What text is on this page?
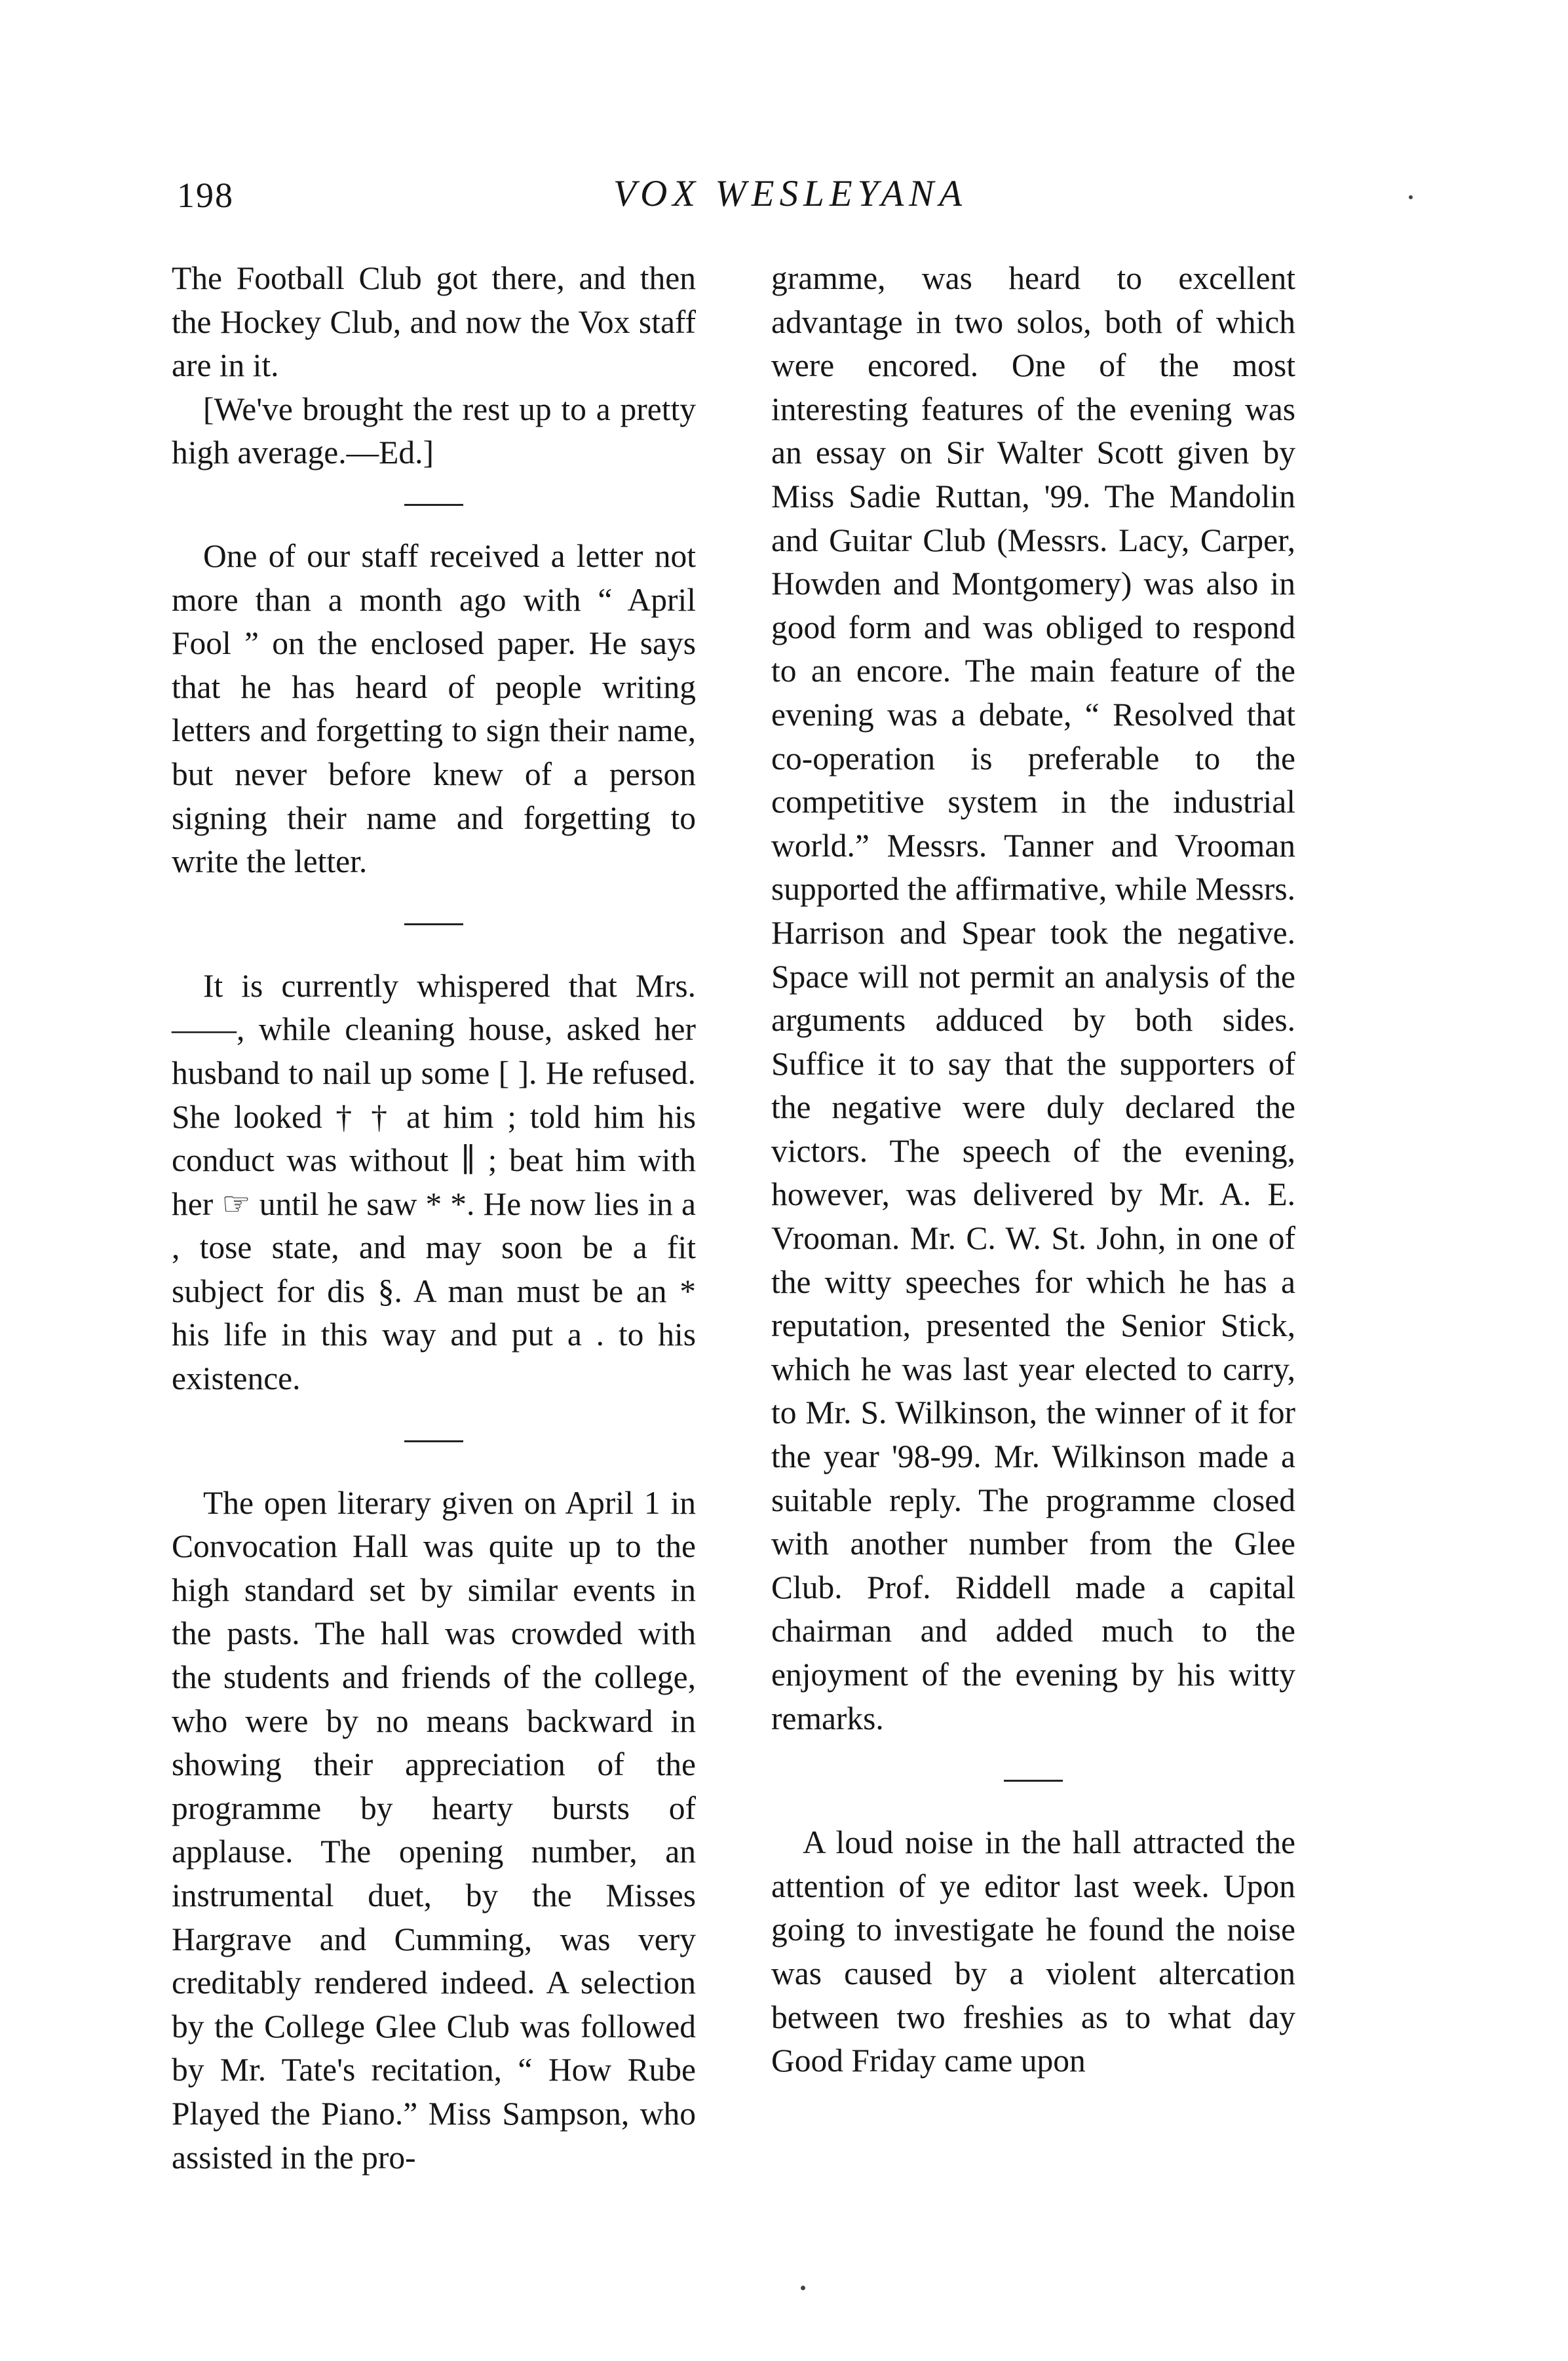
198	VOX WESLEYANA

The Football Club got there, and then the Hockey Club, and now the Vox staff are in it.

[We've brought the rest up to a pretty high average.—Ed.]

One of our staff received a letter not more than a month ago with “ April Fool ” on the enclosed paper. He says that he has heard of people writing letters and forgetting to sign their name, but never before knew of a person signing their name and forgetting to write the letter.

It is currently whispered that Mrs. ——, while cleaning house, asked her husband to nail up some [ ]. He refused. She looked † † at him ; told him his conduct was without ∥ ; beat him with her ☞ until he saw * *. He now lies in a , tose state, and may soon be a fit subject for dis §. A man must be an * his life in this way and put a . to his existence.

The open literary given on April 1 in Convocation Hall was quite up to the high standard set by similar events in the pasts. The hall was crowded with the students and friends of the college, who were by no means backward in showing their appreciation of the programme by hearty bursts of applause. The opening number, an instrumental duet, by the Misses Hargrave and Cumming, was very creditably rendered indeed. A selection by the College Glee Club was followed by Mr. Tate's recitation, “ How Rube Played the Piano.” Miss Sampson, who assisted in the pro-

gramme, was heard to excellent advantage in two solos, both of which were encored. One of the most interesting features of the evening was an essay on Sir Walter Scott given by Miss Sadie Ruttan, '99. The Mandolin and Guitar Club (Messrs. Lacy, Carper, Howden and Montgomery) was also in good form and was obliged to respond to an encore. The main feature of the evening was a debate, “ Resolved that co-operation is preferable to the competitive system in the industrial world.” Messrs. Tanner and Vrooman supported the affirmative, while Messrs. Harrison and Spear took the negative. Space will not permit an analysis of the arguments adduced by both sides. Suffice it to say that the supporters of the negative were duly declared the victors. The speech of the evening, however, was delivered by Mr. A. E. Vrooman. Mr. C. W. St. John, in one of the witty speeches for which he has a reputation, presented the Senior Stick, which he was last year elected to carry, to Mr. S. Wilkinson, the winner of it for the year '98-99. Mr. Wilkinson made a suitable reply. The programme closed with another number from the Glee Club. Prof. Riddell made a capital chairman and added much to the enjoyment of the evening by his witty remarks.

A loud noise in the hall attracted the attention of ye editor last week. Upon going to investigate he found the noise was caused by a violent altercation between two freshies as to what day Good Friday came upon
